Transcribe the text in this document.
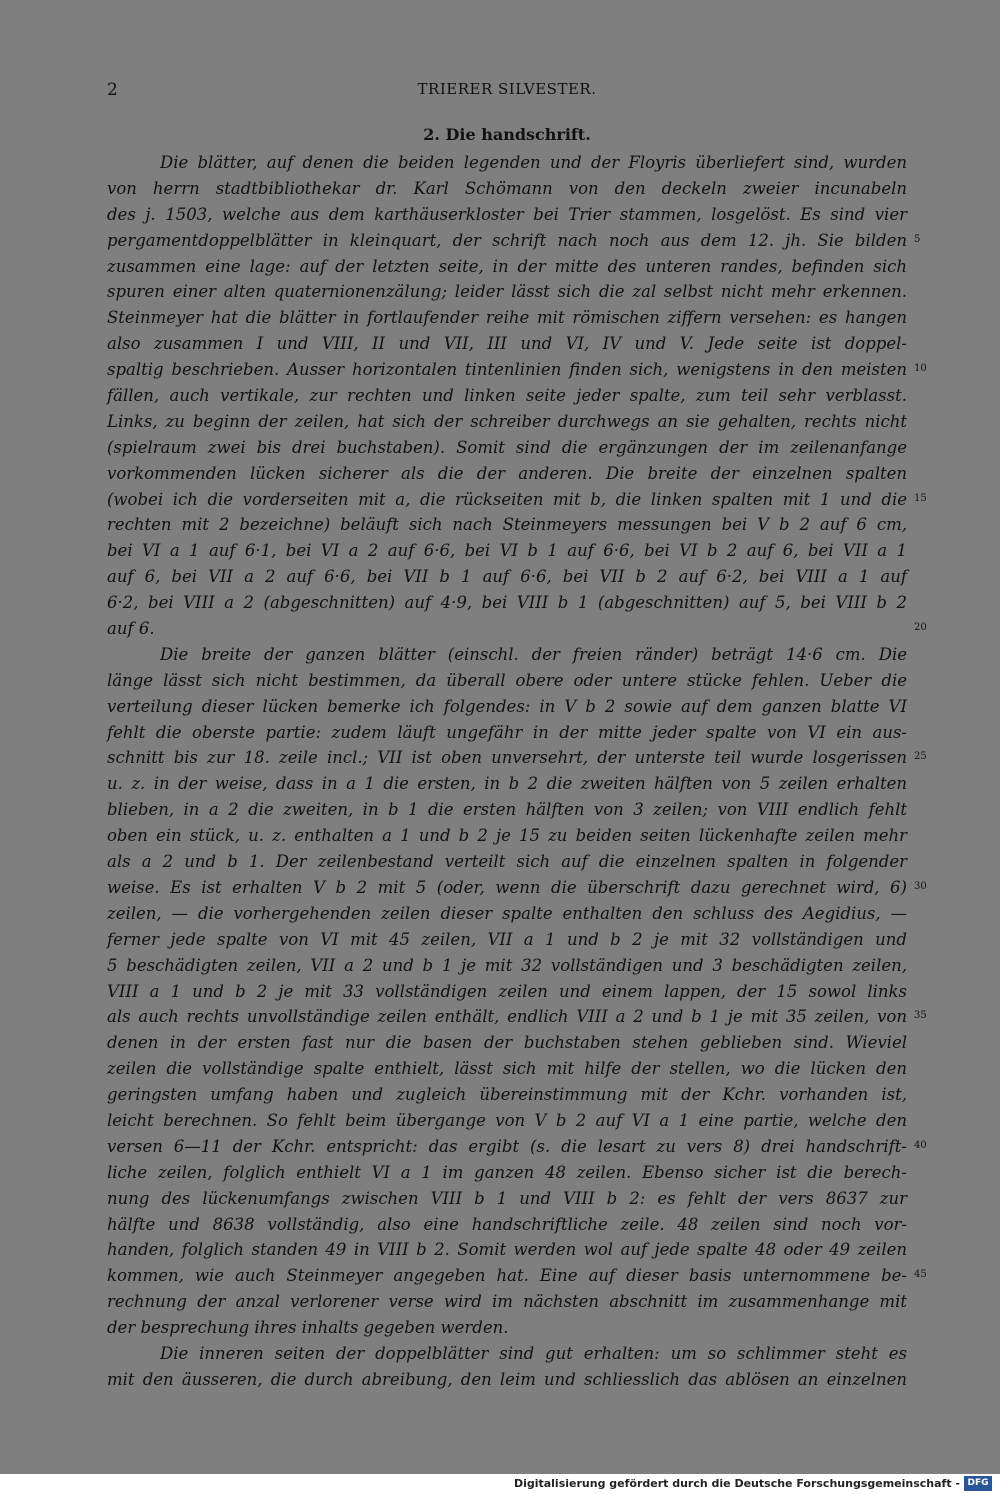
2	TRIERER SILVESTER.
2. Die handschrift.
Die blätter, auf denen die beiden legenden und der Floyris überliefert sind, wurden
von herrn stadtbibliothekar dr. Karl Schömann von den deckeln zweier incunabeln
des j. 1503, welche aus dem karthäuserkloster bei Trier stammen, losgelöst. Es sind vier
pergamentdoppelblätter in kleinquart, der schrift nach noch aus dem 12. jh. Sie bilden 5
zusammen eine lage: auf der letzten seite, in der mitte des unteren randes, befinden sich
spuren einer alten quaternionenzälung; leider lässt sich die zal selbst nicht mehr erkennen.
Steinmeyer hat die blätter in fortlaufender reihe mit römischen ziffern versehen: es hangen
also zusammen I und VIII, II und VII, III und VI, IV und V. Jede seite ist doppel-
spaltig beschrieben. Ausser horizontalen tintenlinien finden sich, wenigstens in den meisten 10
fällen, auch vertikale, zur rechten und linken seite jeder spalte, zum teil sehr verblasst.
Links, zu beginn der zeilen, hat sich der schreiber durchwegs an sie gehalten, rechts nicht
(spielraum zwei bis drei buchstaben). Somit sind die ergänzungen der im zeilenanfange
vorkommenden lücken sicherer als die der anderen. Die breite der einzelnen spalten
(wobei ich die vorderseiten mit a, die rückseiten mit b, die linken spalten mit 1 und die 15
rechten mit 2 bezeichne) beläuft sich nach Steinmeyers messungen bei V b 2 auf 6 cm,
bei VI a 1 auf 6·1, bei VI a 2 auf 6·6, bei VI b 1 auf 6·6, bei VI b 2 auf 6, bei VII a 1
auf 6, bei VII a 2 auf 6·6, bei VII b 1 auf 6·6, bei VII b 2 auf 6·2, bei VIII a 1 auf
6·2, bei VIII a 2 (abgeschnitten) auf 4·9, bei VIII b 1 (abgeschnitten) auf 5, bei VIII b 2
auf 6.	20
Die breite der ganzen blätter (einschl. der freien ränder) beträgt 14·6 cm. Die
länge lässt sich nicht bestimmen, da überall obere oder untere stücke fehlen. Ueber die
verteilung dieser lücken bemerke ich folgendes: in V b 2 sowie auf dem ganzen blatte VI
fehlt die oberste partie: zudem läuft ungefähr in der mitte jeder spalte von VI ein aus-
schnitt bis zur 18. zeile incl.; VII ist oben unversehrt, der unterste teil wurde losgerissen 25
u. z. in der weise, dass in a 1 die ersten, in b 2 die zweiten hälften von 5 zeilen erhalten
blieben, in a 2 die zweiten, in b 1 die ersten hälften von 3 zeilen; von VIII endlich fehlt
oben ein stück, u. z. enthalten a 1 und b 2 je 15 zu beiden seiten lückenhafte zeilen mehr
als a 2 und b 1. Der zeilenbestand verteilt sich auf die einzelnen spalten in folgender
weise. Es ist erhalten V b 2 mit 5 (oder, wenn die überschrift dazu gerechnet wird, 6) 30
zeilen, — die vorhergehenden zeilen dieser spalte enthalten den schluss des Aegidius, —
ferner jede spalte von VI mit 45 zeilen, VII a 1 und b 2 je mit 32 vollständigen und
5 beschädigten zeilen, VII a 2 und b 1 je mit 32 vollständigen und 3 beschädigten zeilen,
VIII a 1 und b 2 je mit 33 vollständigen zeilen und einem lappen, der 15 sowol links
als auch rechts unvollständige zeilen enthält, endlich VIII a 2 und b 1 je mit 35 zeilen, von 35
denen in der ersten fast nur die basen der buchstaben stehen geblieben sind. Wieviel
zeilen die vollständige spalte enthielt, lässt sich mit hilfe der stellen, wo die lücken den
geringsten umfang haben und zugleich übereinstimmung mit der Kchr. vorhanden ist,
leicht berechnen. So fehlt beim übergange von V b 2 auf VI a 1 eine partie, welche den
versen 6—11 der Kchr. entspricht: das ergibt (s. die lesart zu vers 8) drei handschrift- 40
liche zeilen, folglich enthielt VI a 1 im ganzen 48 zeilen. Ebenso sicher ist die berech-
nung des lückenumfangs zwischen VIII b 1 und VIII b 2: es fehlt der vers 8637 zur
hälfte und 8638 vollständig, also eine handschriftliche zeile. 48 zeilen sind noch vor-
handen, folglich standen 49 in VIII b 2. Somit werden wol auf jede spalte 48 oder 49 zeilen
kommen, wie auch Steinmeyer angegeben hat. Eine auf dieser basis unternommene be- 45
rechnung der anzal verlorener verse wird im nächsten abschnitt im zusammenhange mit
der besprechung ihres inhalts gegeben werden.
Die inneren seiten der doppelblätter sind gut erhalten: um so schlimmer steht es
mit den äusseren, die durch abreibung, den leim und schliesslich das ablösen an einzelnen
Digitalisierung gefördert durch die Deutsche Forschungsgemeinschaft - DFG
